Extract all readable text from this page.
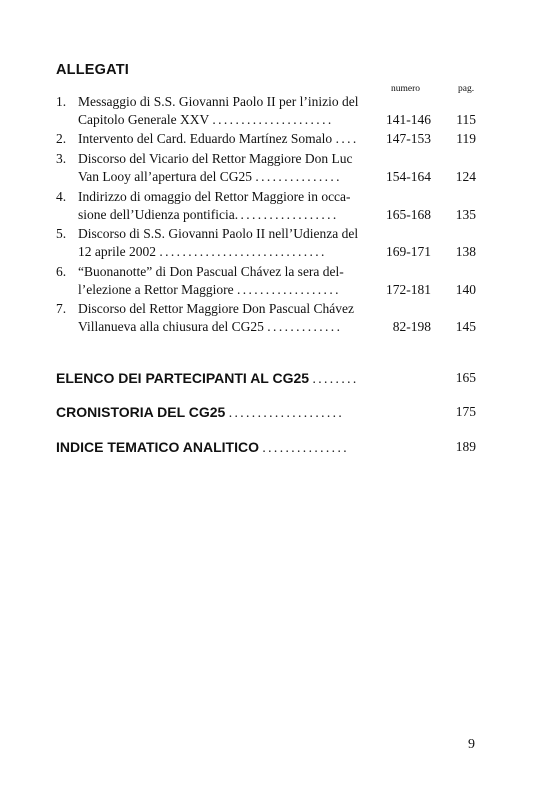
ALLEGATI
numero	pag.
1. Messaggio di S.S. Giovanni Paolo II per l’inizio del
Capitolo Generale XXV .....................	141-146 115
2. Intervento del Card. Eduardo Martínez Somalo .... 147-153 119
3. Discorso del Vicario del Rettor Maggiore Don Luc
Van Looy all’apertura del CG25 ...............	154-164 124
4. Indirizzo di omaggio del Rettor Maggiore in occa-
sione dell’Udienza pontificia..................	165-168 135
5. Discorso di S.S. Giovanni Paolo II nell’Udienza del
12 aprile 2002 .............................	169-171 138
6. “Buonanotte” di Don Pascual Chávez la sera del-
l’elezione a Rettor Maggiore ..................	172-181 140
7. Discorso del Rettor Maggiore Don Pascual Chávez
Villanueva alla chiusura del CG25 .............	82-198 145
ELENCO DEI PARTECIPANTI AL CG25 ........	165
CRONISTORIA DEL CG25 ....................	175
INDICE TEMATICO ANALITICO ...............	189
9
